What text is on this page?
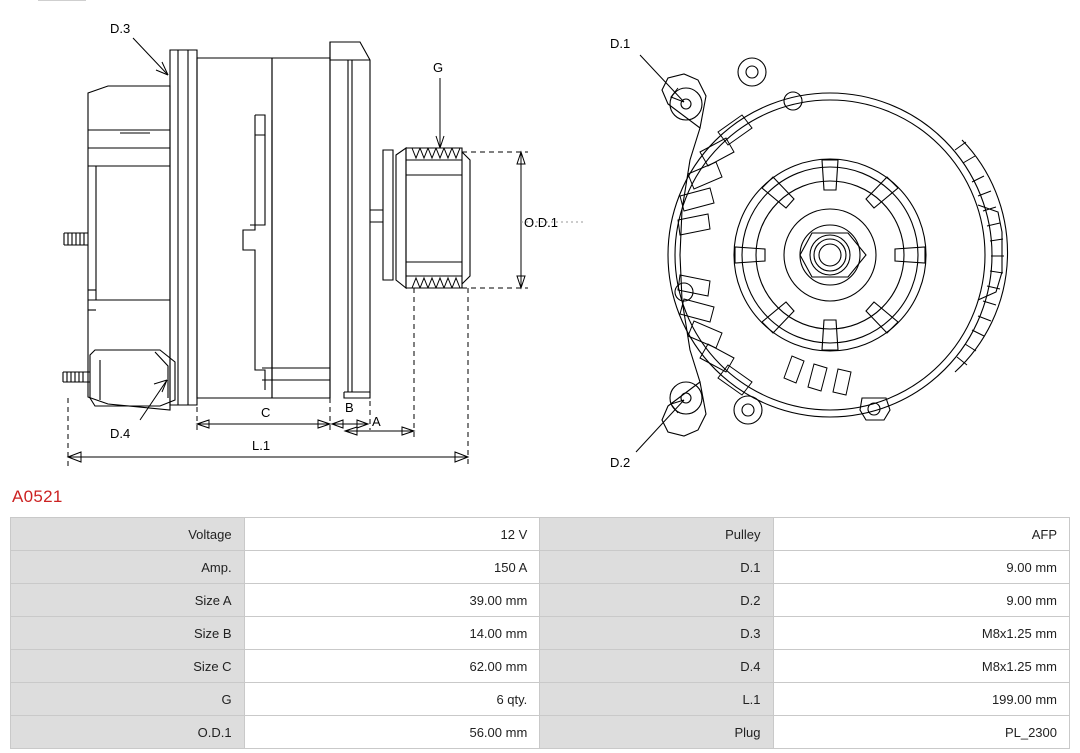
D.3
D.4
G
O.D.1
C	B
A
L.1
D.1
D.2
A0521
Voltage	12 V	Pulley	AFP
Amp.	150 A	D.1	9.00 mm
Size A	39.00 mm	D.2	9.00 mm
Size B	14.00 mm	D.3	M8x1.25 mm
Size C	62.00 mm	D.4	M8x1.25 mm
G	6 qty.	L.1	199.00 mm
O.D.1	56.00 mm	Plug	PL_2300
